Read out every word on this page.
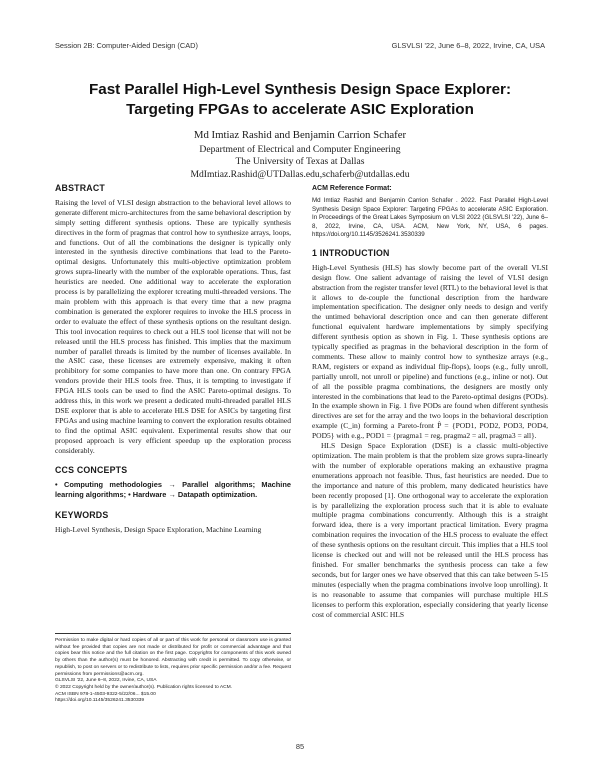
Session 2B: Computer-Aided Design (CAD)	GLSVLSI '22, June 6–8, 2022, Irvine, CA, USA
Fast Parallel High-Level Synthesis Design Space Explorer:
Targeting FPGAs to accelerate ASIC Exploration
Md Imtiaz Rashid and Benjamin Carrion Schafer
Department of Electrical and Computer Engineering
The University of Texas at Dallas
MdImtiaz.Rashid@UTDallas.edu,schaferb@utdallas.edu
ABSTRACT

Raising the level of VLSI design abstraction to the behavioral level allows to generate different micro-architectures from the same behavioral description by simply setting different synthesis options. These are typically synthesis directives in the form of pragmas that control how to synthesize arrays, loops, and functions. Out of all the combinations the designer is typically only interested in the synthesis directive combinations that lead to the Pareto-optimal designs. Unfortunately this multi-objective optimization problem grows supra-linearly with the number of the explorable operations. Thus, fast heuristics are needed. One additional way to accelerate the exploration process is by parallelizing the explorer tcreating multi-threaded versions. The main problem with this approach is that every time that a new pragma combination is generated the explorer requires to invoke the HLS process in order to evaluate the effect of these synthesis options on the resultant design. This tool invocation requires to check out a HLS tool license that will not be released until the HLS process has finished. This implies that the maximum number of parallel threads is limited by the number of licenses available. In the ASIC case, these licenses are extremely expensive, making it often prohibitory for some companies to have more than one. On contrary FPGA vendors provide their HLS tools free. Thus, it is tempting to investigate if FPGA HLS tools can be used to find the ASIC Pareto-optimal designs. To address this, in this work we present a dedicated multi-threaded parallel HLS DSE explorer that is able to accelerate HLS DSE for ASICs by targeting first FPGAs and using machine learning to convert the exploration results obtained to find the optimal ASIC equivalent. Experimental results show that our proposed approach is very efficient speedup up the exploration process considerably.

CCS CONCEPTS

• Computing methodologies → Parallel algorithms; Machine learning algorithms; • Hardware → Datapath optimization.

KEYWORDS

High-Level Synthesis, Design Space Exploration, Machine Learning

Permission to make digital or hard copies of all or part of this work for personal or classroom use is granted without fee provided that copies are not made or distributed for profit or commercial advantage and that copies bear this notice and the full citation on the first page. Copyrights for components of this work owned by others than the author(s) must be honored. Abstracting with credit is permitted. To copy otherwise, or republish, to post on servers or to redistribute to lists, requires prior specific permission and/or a fee. Request permissions from permissions@acm.org.

GLSVLSI '22, June 6–8, 2022, Irvine, CA, USA

© 2022 Copyright held by the owner/author(s). Publication rights licensed to ACM.

ACM ISBN 978-1-4503-9322-5/22/06... $15.00

https://doi.org/10.1145/3526241.3530339

ACM Reference Format:

Md Imtiaz Rashid and Benjamin Carrion Schafer . 2022. Fast Parallel High-Level Synthesis Design Space Explorer: Targeting FPGAs to accelerate ASIC Exploration. In Proceedings of the Great Lakes Symposium on VLSI 2022 (GLSVLSI '22), June 6–8, 2022, Irvine, CA, USA. ACM, New York, NY, USA, 6 pages. https://doi.org/10.1145/3526241.3530339

1 INTRODUCTION

High-Level Synthesis (HLS) has slowly become part of the overall VLSI design flow. One salient advantage of raising the level of VLSI design abstraction from the register transfer level (RTL) to the behavioral level is that it allows to de-couple the functional description from the hardware implementation specification. The designer only needs to design and verify the untimed behavioral description once and can then generate different functional equivalent hardware implementations by simply specifying different synthesis option as shown in Fig. 1. These synthesis options are typically specified as pragmas in the behavioral description in the form of comments. These allow to mainly control how to synthesize arrays (e.g., RAM, registers or expand as individual flip-flops), loops (e.g., fully unroll, partially unroll, not unroll or pipeline) and functions (e.g., inline or not). Out of all the possible pragma combinations, the designers are mostly only interested in the combinations that lead to the Pareto-optimal designs (PODs). In the example shown in Fig. 1 five PODs are found when different synthesis directives are set for the array and the two loops in the behavioral description example (C_in) forming a Pareto-front P̂ = {POD1, POD2, POD3, POD4, POD5} with e.g., POD1 = {pragma1 = reg, pragma2 = all, pragma3 = all}.

HLS Design Space Exploration (DSE) is a classic multi-objective optimization. The main problem is that the problem size grows supra-linearly with the number of explorable operations making an exhaustive pragma enumerations approach not feasible. Thus, fast heuristics are needed. Due to the importance and nature of this problem, many dedicated heuristics have been recently proposed [1]. One orthogonal way to accelerate the exploration is by parallelizing the exploration process such that it is able to evaluate multiple pragma combinations concurrently. Although this is a straight forward idea, there is a very important practical limitation. Every pragma combination requires the invocation of the HLS process to evaluate the effect of these synthesis options on the resultant circuit. This implies that a HLS tool license is checked out and will not be released until the HLS process has finished. For smaller benchmarks the synthesis process can take a few seconds, but for larger ones we have observed that this can take between 5-15 minutes (especially when the pragma combinations involve loop unrolling). It is no reasonable to assume that companies will purchase multiple HLS licenses to perform this exploration, especially considering that yearly license cost of commercial ASIC HLS

85
